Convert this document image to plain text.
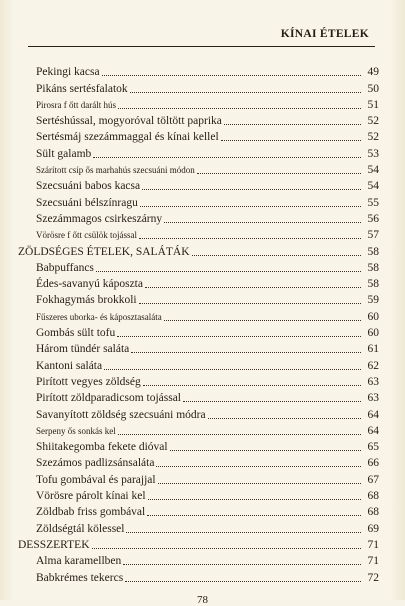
KÍNAI ÉTELEK
Pekingi kacsa	49
Pikáns sertésfalatok	50
Pirosra f őtt darált hús	51
Sertéshússal, mogyoróval töltött paprika	52
Sertésmáj szezámmaggal és kínai kellel	52
Sült galamb	53
Szárított csíp ős marhahús szecsuáni módon	54
Szecsuáni babos kacsa	54
Szecsuáni bélszínragu	55
Szezámmagos csirkeszárny	56
Vörösre f őtt csülök tojással	57
ZÖLDSÉGES ÉTELEK, SALÁTÁK	58
Babpuffancs	58
Édes-savanyú káposzta	58
Fokhagymás brokkoli	59
Fűszeres uborka- és káposztasaláta	60
Gombás sült tofu	60
Három tündér saláta	61
Kantoni saláta	62
Pirított vegyes zöldség	63
Pirított zöldparadicsom tojással	63
Savanyított zöldség szecsuáni módra	64
Serpeny ős sonkás kel	64
Shiitakegomba fekete dióval	65
Szezámos padlizsánsaláta	66
Tofu gombával és parajjal	67
Vörösre párolt kínai kel	68
Zöldbab friss gombával	68
Zöldségtál kölessel	69
DESSZERTEK	71
Alma karamellben	71
Babkrémes tekercs	72
78
